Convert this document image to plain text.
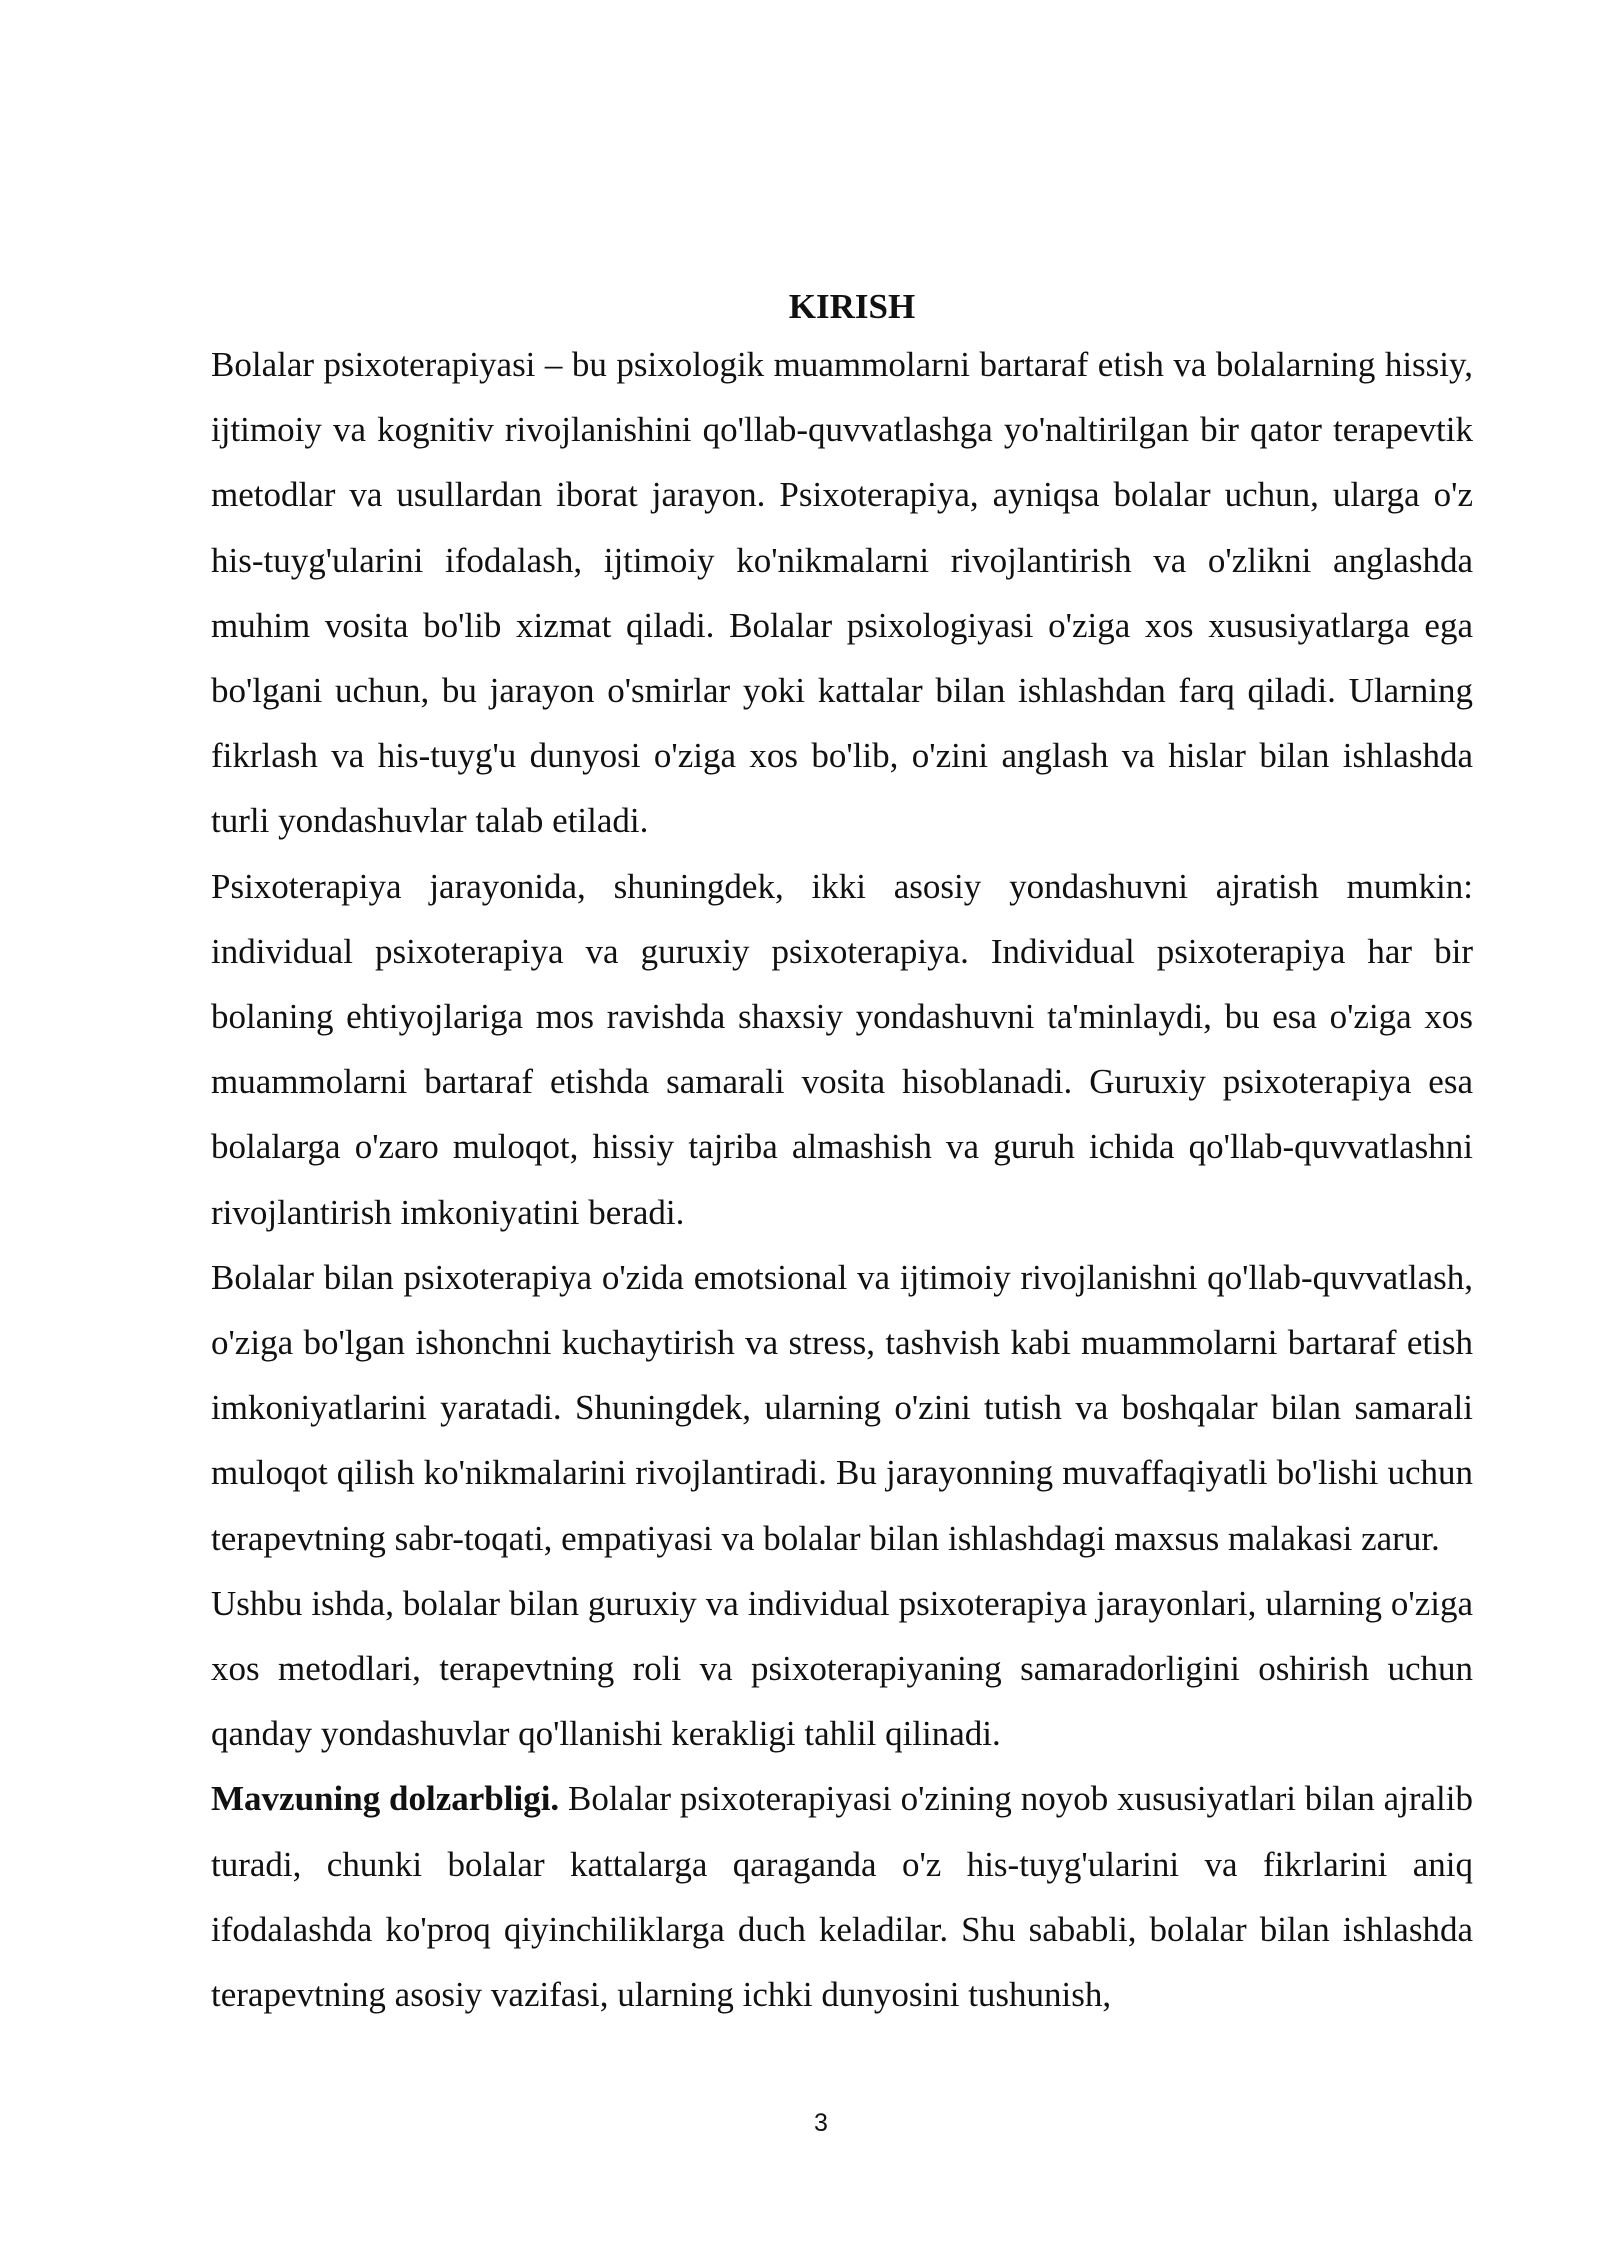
KIRISH

Bolalar psixoterapiyasi – bu psixologik muammolarni bartaraf etish va bolalarning hissiy, ijtimoiy va kognitiv rivojlanishini qo'llab-quvvatlashga yo'naltirilgan bir qator terapevtik metodlar va usullardan iborat jarayon. Psixoterapiya, ayniqsa bolalar uchun, ularga o'z his-tuyg'ularini ifodalash, ijtimoiy ko'nikmalarni rivojlantirish va o'zlikni anglashda muhim vosita bo'lib xizmat qiladi. Bolalar psixologiyasi o'ziga xos xususiyatlarga ega bo'lgani uchun, bu jarayon o'smirlar yoki kattalar bilan ishlashdan farq qiladi. Ularning fikrlash va his-tuyg'u dunyosi o'ziga xos bo'lib, o'zini anglash va hislar bilan ishlashda turli yondashuvlar talab etiladi.

Psixoterapiya jarayonida, shuningdek, ikki asosiy yondashuvni ajratish mumkin: individual psixoterapiya va guruxiy psixoterapiya. Individual psixoterapiya har bir bolaning ehtiyojlariga mos ravishda shaxsiy yondashuvni ta'minlaydi, bu esa o'ziga xos muammolarni bartaraf etishda samarali vosita hisoblanadi. Guruxiy psixoterapiya esa bolalarga o'zaro muloqot, hissiy tajriba almashish va guruh ichida qo'llab-quvvatlashni rivojlantirish imkoniyatini beradi.

Bolalar bilan psixoterapiya o'zida emotsional va ijtimoiy rivojlanishni qo'llab-quvvatlash, o'ziga bo'lgan ishonchni kuchaytirish va stress, tashvish kabi muammolarni bartaraf etish imkoniyatlarini yaratadi. Shuningdek, ularning o'zini tutish va boshqalar bilan samarali muloqot qilish ko'nikmalarini rivojlantiradi. Bu jarayonning muvaffaqiyatli bo'lishi uchun terapevtning sabr-toqati, empatiyasi va bolalar bilan ishlashdagi maxsus malakasi zarur.

Ushbu ishda, bolalar bilan guruxiy va individual psixoterapiya jarayonlari, ularning o'ziga xos metodlari, terapevtning roli va psixoterapiyaning samaradorligini oshirish uchun qanday yondashuvlar qo'llanishi kerakligi tahlil qilinadi.

Mavzuning dolzarbligi. Bolalar psixoterapiyasi o'zining noyob xususiyatlari bilan ajralib turadi, chunki bolalar kattalarga qaraganda o'z his-tuyg'ularini va fikrlarini aniq ifodalashda ko'proq qiyinchiliklarga duch keladilar. Shu sababli, bolalar bilan ishlashda terapevtning asosiy vazifasi, ularning ichki dunyosini tushunish,

3
